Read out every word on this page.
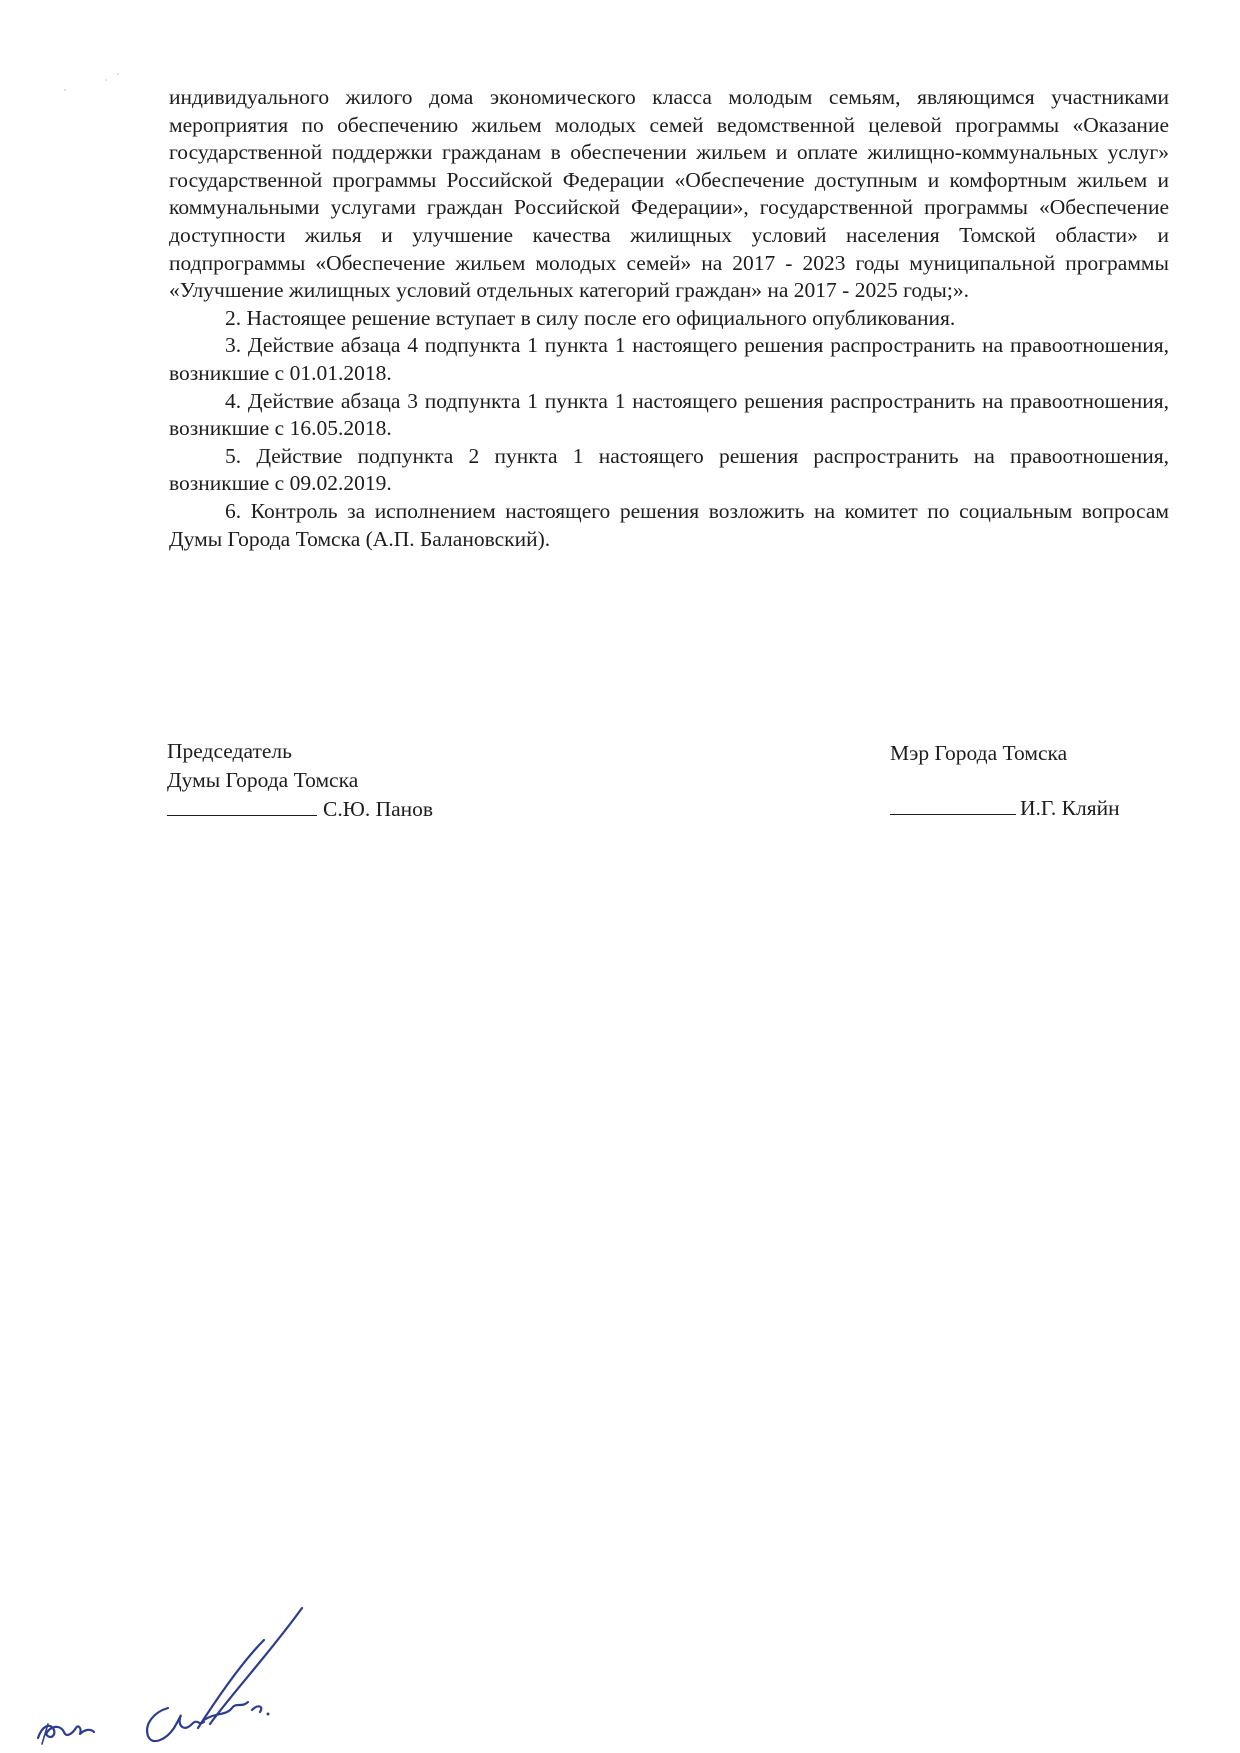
индивидуального жилого дома экономического класса молодым семьям, являющимся участниками мероприятия по обеспечению жильем молодых семей ведомственной целевой программы «Оказание государственной поддержки гражданам в обеспечении жильем и оплате жилищно-коммунальных услуг» государственной программы Российской Федерации «Обеспечение доступным и комфортным жильем и коммунальными услугами граждан Российской Федерации», государственной программы «Обеспечение доступности жилья и улучшение качества жилищных условий населения Томской области» и подпрограммы «Обеспечение жильем молодых семей» на 2017 - 2023 годы муниципальной программы «Улучшение жилищных условий отдельных категорий граждан» на 2017 - 2025 годы;».

2. Настоящее решение вступает в силу после его официального опубликования.

3. Действие абзаца 4 подпункта 1 пункта 1 настоящего решения распространить на правоотношения, возникшие с 01.01.2018.

4. Действие абзаца 3 подпункта 1 пункта 1 настоящего решения распространить на правоотношения, возникшие с 16.05.2018.

5. Действие подпункта 2 пункта 1 настоящего решения распространить на правоотношения, возникшие с 09.02.2019.

6. Контроль за исполнением настоящего решения возложить на комитет по социальным вопросам Думы Города Томска (А.П. Балановский).

Председатель
Думы Города Томска
С.Ю. Панов
Мэр Города Томска
И.Г. Кляйн
